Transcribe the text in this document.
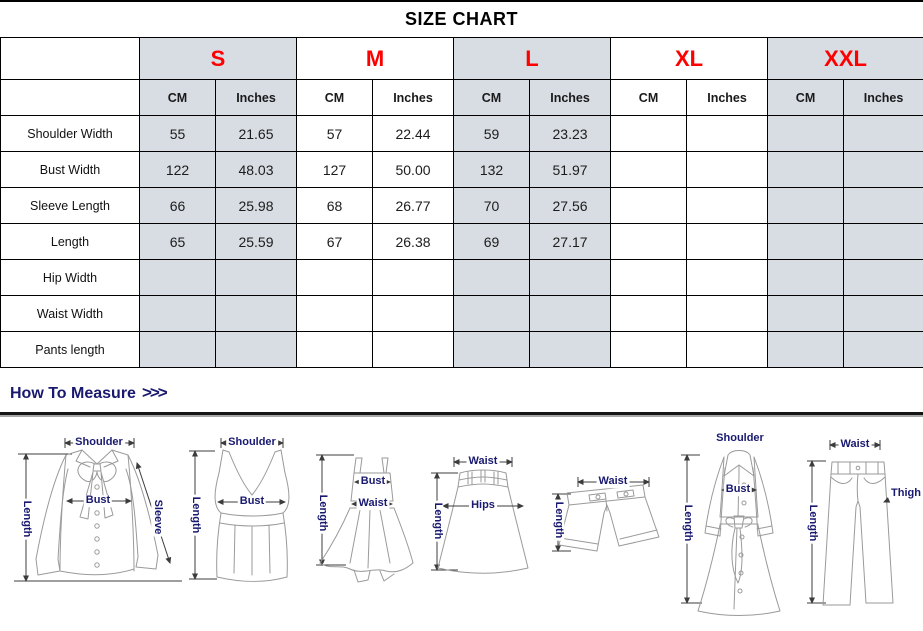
SIZE CHART
	S		M		L		XL		XXL	
	CM	Inches	CM	Inches	CM	Inches	CM	Inches	CM	Inches
Shoulder Width	55	21.65	57	22.44	59	23.23				
Bust Width	122	48.03	127	50.00	132	51.97				
Sleeve Length	66	25.98	68	26.77	70	27.56				
Length	65	25.59	67	26.38	69	27.17				
Hip Width										
Waist Width										
Pants length										
How To Measure >>>
Shoulder
Bust	Sleeve
Length
Shoulder
Bust
Length
Bust
Waist
Length
Waist
Hips
Length
Waist
Length
Shoulder
Bust
Length
Waist
Thigh
Length
